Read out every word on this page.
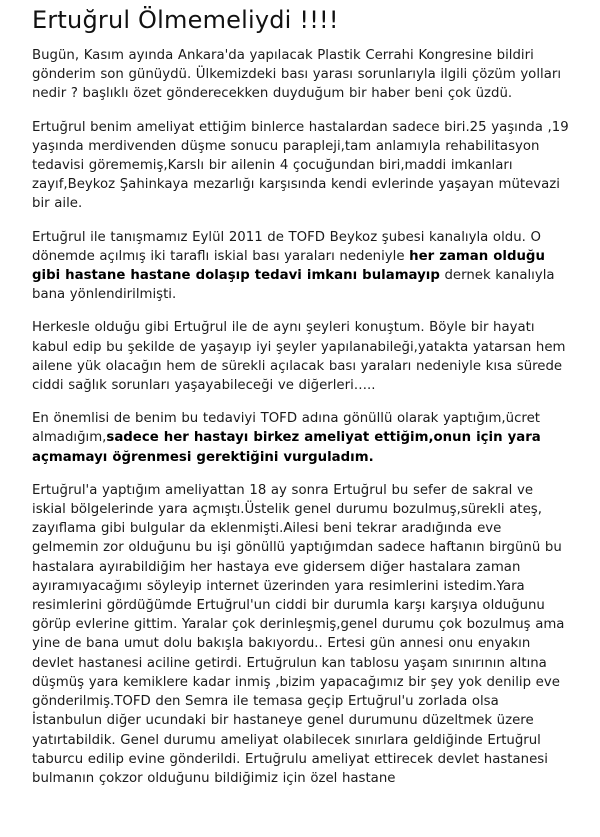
Ertuğrul Ölmemeliydi !!!!

Bugün, Kasım ayında Ankara'da yapılacak Plastik Cerrahi Kongresine bildiri gönderim son günüydü. Ülkemizdeki bası yarası sorunlarıyla ilgili çözüm yolları nedir ? başlıklı özet gönderecekken duyduğum bir haber beni çok üzdü.

Ertuğrul benim ameliyat ettiğim binlerce hastalardan sadece biri.25 yaşında ,19 yaşında merdivenden düşme sonucu parapleji,tam anlamıyla rehabilitasyon tedavisi görememiş,Karslı bir ailenin 4 çocuğundan biri,maddi imkanları zayıf,Beykoz Şahinkaya mezarlığı karşısında kendi evlerinde yaşayan mütevazi bir aile.

Ertuğrul ile tanışmamız Eylül 2011 de TOFD Beykoz şubesi kanalıyla oldu. O dönemde açılmış iki taraflı iskial bası yaraları nedeniyle her zaman olduğu gibi hastane hastane dolaşıp tedavi imkanı bulamayıp dernek kanalıyla bana yönlendirilmişti.

Herkesle olduğu gibi Ertuğrul ile de aynı şeyleri konuştum. Böyle bir hayatı kabul edip bu şekilde de yaşayıp iyi şeyler yapılanabileği,yatakta yatarsan hem ailene yük olacağın hem de sürekli açılacak bası yaraları nedeniyle kısa sürede ciddi sağlık sorunları yaşayabileceği ve diğerleri…..

En önemlisi de benim bu tedaviyi TOFD adına gönüllü olarak yaptığım,ücret almadığım,sadece her hastayı birkez ameliyat ettiğim,onun için yara açmamayı öğrenmesi gerektiğini vurguladım.

Ertuğrul'a yaptığım ameliyattan 18 ay sonra Ertuğrul bu sefer de sakral ve iskial bölgelerinde yara açmıştı.Üstelik genel durumu bozulmuş,sürekli ateş, zayıflama gibi bulgular da eklenmişti.Ailesi beni tekrar aradığında eve gelmemin zor olduğunu bu işi gönüllü yaptığımdan sadece haftanın birgünü bu hastalara ayırabildiğim her hastaya eve gidersem diğer hastalara zaman ayıramıyacağımı söyleyip internet üzerinden yara resimlerini istedim.Yara resimlerini gördüğümde Ertuğrul'un ciddi bir durumla karşı karşıya olduğunu görüp evlerine gittim. Yaralar çok derinleşmiş,genel durumu çok bozulmuş ama yine de bana umut dolu bakışla bakıyordu.. Ertesi gün annesi onu enyakın devlet hastanesi aciline getirdi. Ertuğrulun kan tablosu yaşam sınırının altına düşmüş yara kemiklere kadar inmiş ,bizim yapacağımız bir şey yok denilip eve gönderilmiş.TOFD den Semra ile temasa geçip Ertuğrul'u zorlada olsa İstanbulun diğer ucundaki bir hastaneye genel durumunu düzeltmek üzere yatırtabildik. Genel durumu ameliyat olabilecek sınırlara geldiğinde Ertuğrul taburcu edilip evine gönderildi. Ertuğrulu ameliyat ettirecek devlet hastanesi bulmanın çokzor olduğunu bildiğimiz için özel hastane
